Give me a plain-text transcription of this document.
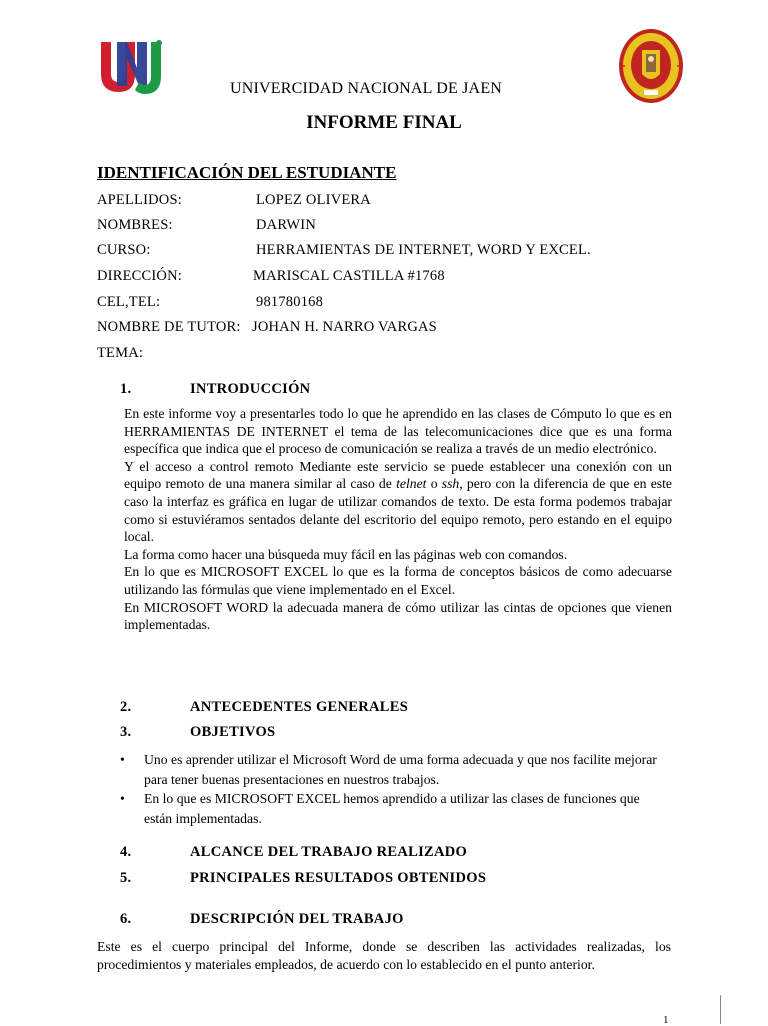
UNIVERCIDAD NACIONAL DE JAEN
INFORME FINAL
IDENTIFICACIÓN DEL ESTUDIANTE
APELLIDOS:	LOPEZ OLIVERA
NOMBRES:	DARWIN
CURSO:	HERRAMIENTAS DE INTERNET, WORD Y EXCEL.
DIRECCIÓN:	MARISCAL CASTILLA #1768
CEL,TEL:	981780168
NOMBRE DE TUTOR: JOHAN H. NARRO VARGAS
TEMA:
1.	INTRODUCCIÓN
En este informe voy a presentarles todo lo que he aprendido en las clases de Cómputo lo que es en HERRAMIENTAS DE INTERNET el tema de las telecomunicaciones dice que es una forma específica que indica que el proceso de comunicación se realiza a través de un medio electrónico.
Y el acceso a control remoto Mediante este servicio se puede establecer una conexión con un equipo remoto de una manera similar al caso de telnet o ssh, pero con la diferencia de que en este caso la interfaz es gráfica en lugar de utilizar comandos de texto. De esta forma podemos trabajar como si estuviéramos sentados delante del escritorio del equipo remoto, pero estando en el equipo local.
La forma como hacer una búsqueda muy fácil en las páginas web con comandos.
En lo que es MICROSOFT EXCEL lo que es la forma de conceptos básicos de como adecuarse utilizando las fórmulas que viene implementado en el Excel.
En MICROSOFT WORD la adecuada manera de cómo utilizar las cintas de opciones que vienen implementadas.
2.	ANTECEDENTES GENERALES
3.	OBJETIVOS
• Uno es aprender utilizar el Microsoft Word de uma forma adecuada y que nos facilite mejorar para tener buenas presentaciones en nuestros trabajos.
• En lo que es MICROSOFT EXCEL hemos aprendido a utilizar las clases de funciones que están implementadas.
4.	ALCANCE DEL TRABAJO REALIZADO
5.	PRINCIPALES RESULTADOS OBTENIDOS
6.	DESCRIPCIÓN DEL TRABAJO
Este es el cuerpo principal del Informe, donde se describen las actividades realizadas, los procedimientos y materiales empleados, de acuerdo con lo establecido en el punto anterior.
1
